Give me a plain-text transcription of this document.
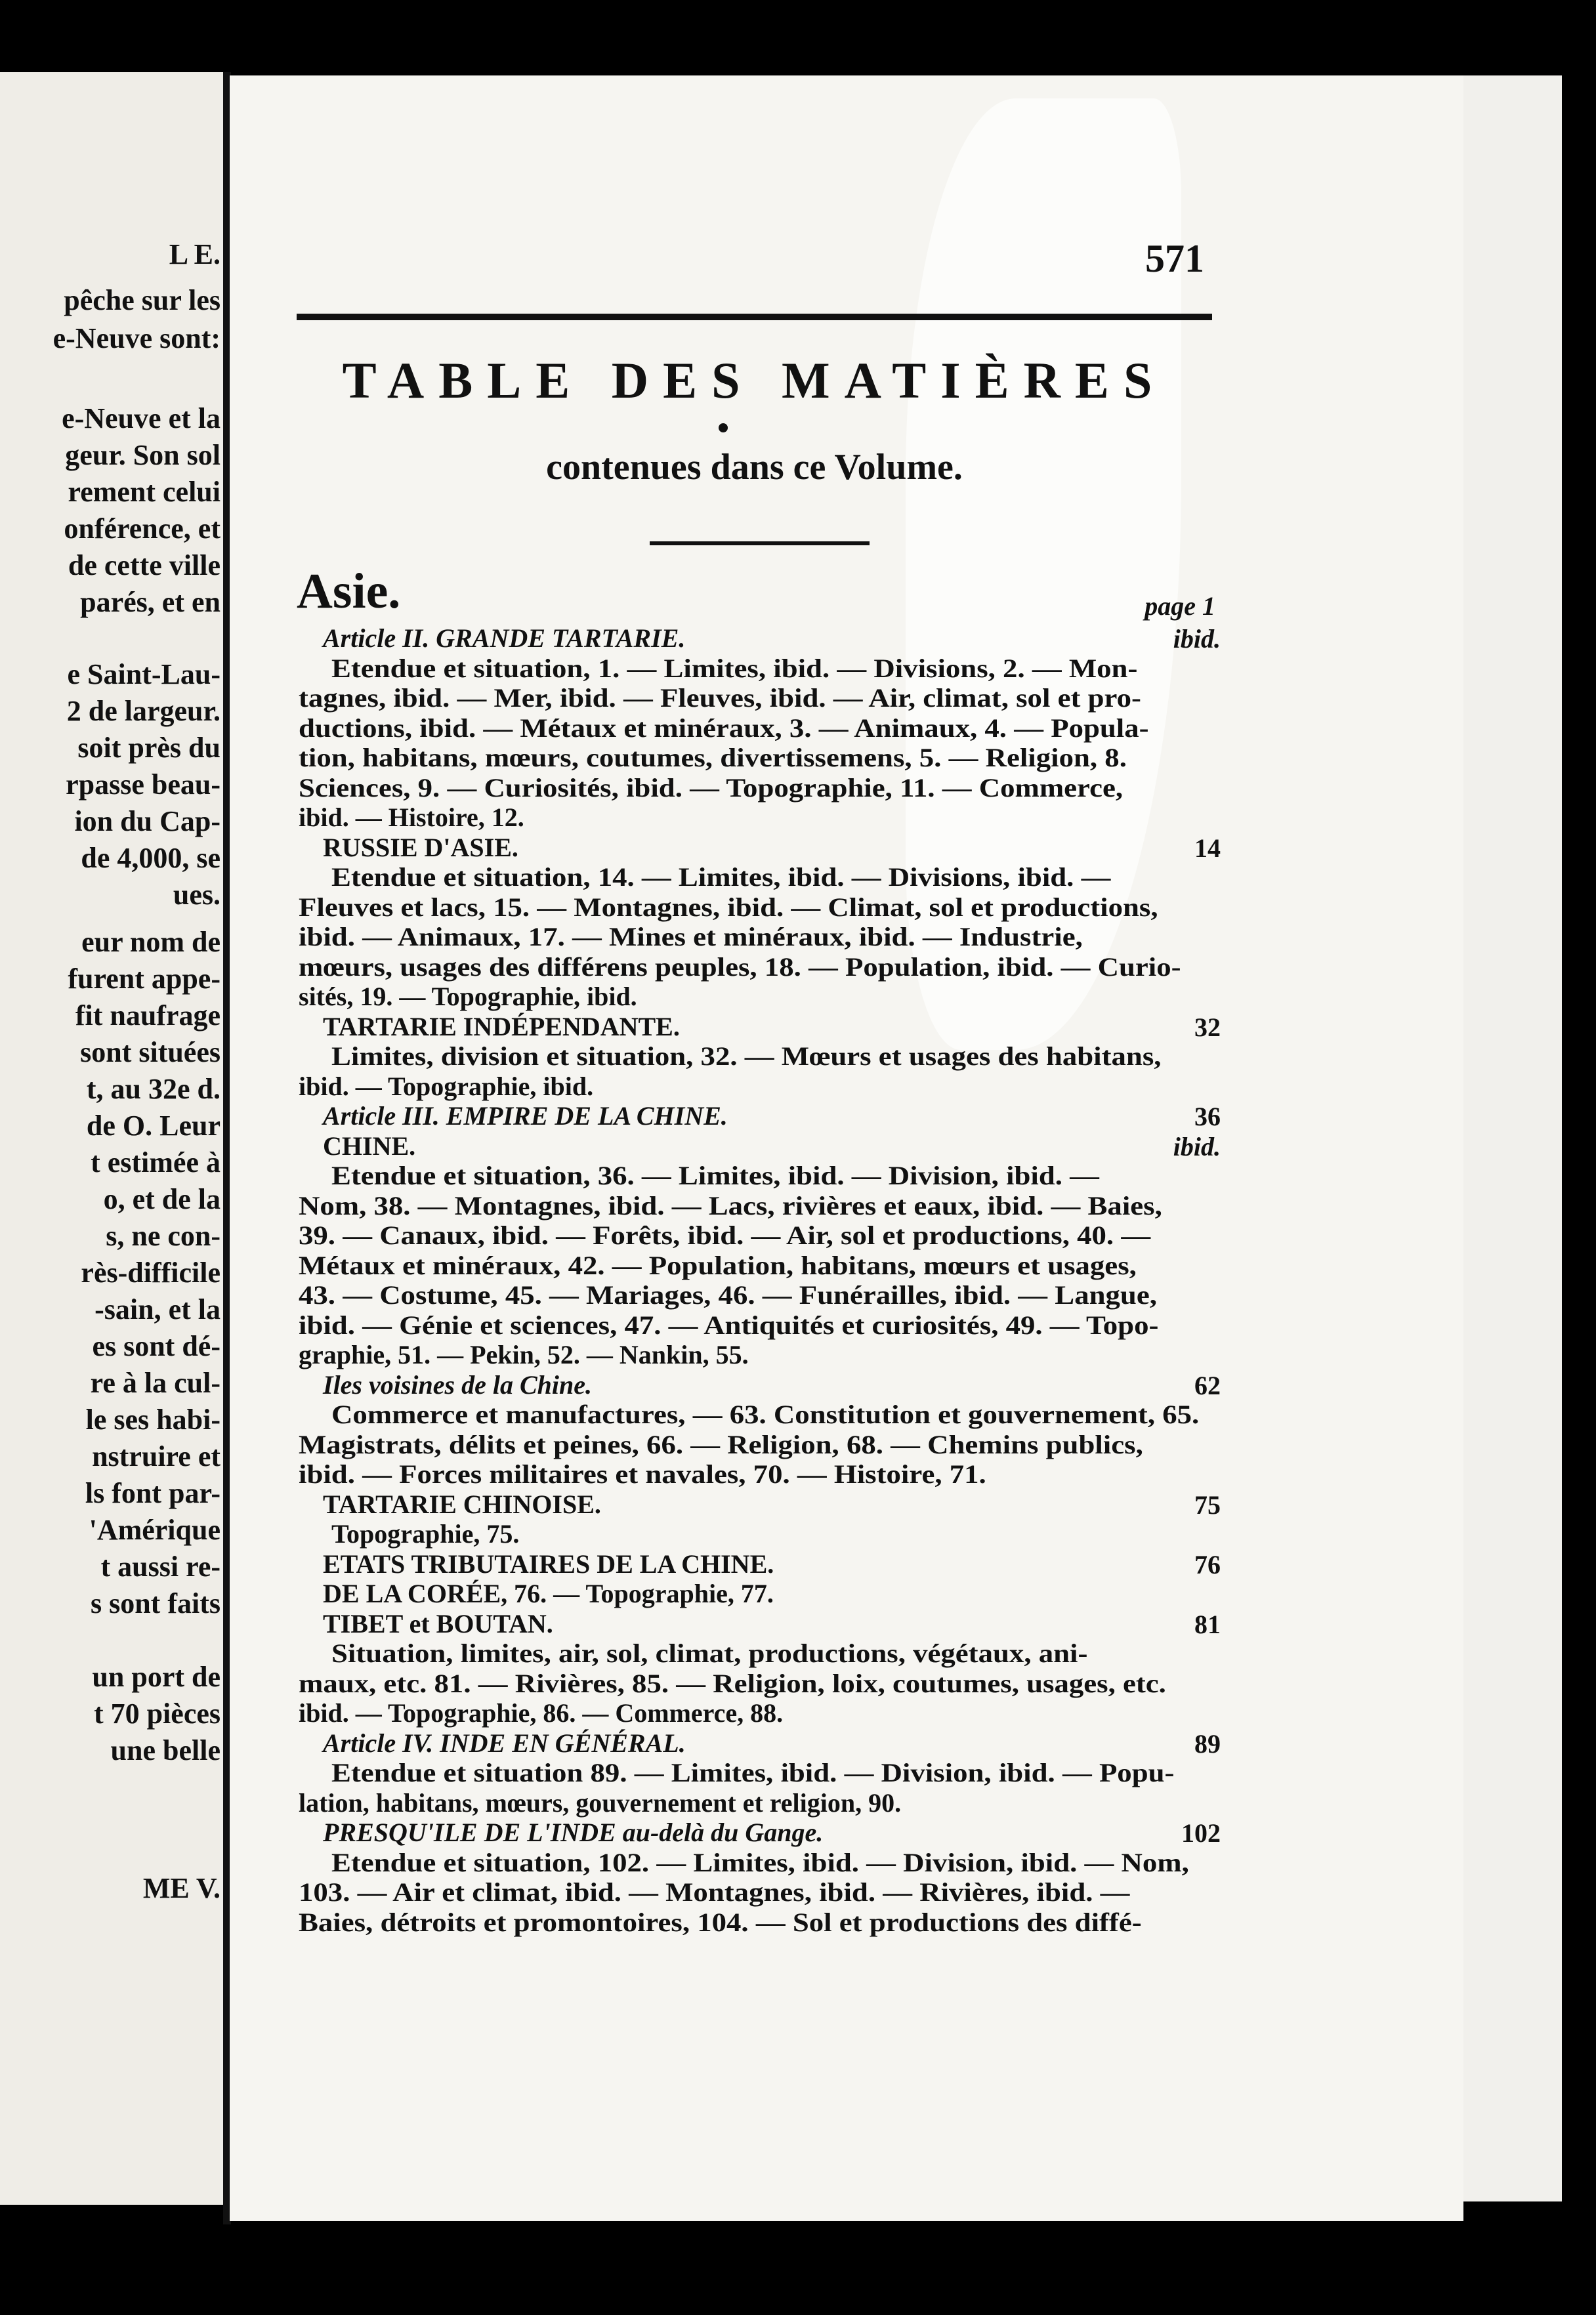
L E.
pêche sur les
e-Neuve sont:
e-Neuve et la
geur. Son sol
rement celui
onférence, et
de cette ville
parés, et en
e Saint-Lau-
2 de largeur.
soit près du
rpasse beau-
ion du Cap-
de 4,000, se
ues.
eur nom de
furent appe-
fit naufrage
sont situées
t, au 32e d.
de O. Leur
t estimée à
o, et de la
s, ne con-
rès-difficile
-sain, et la
es sont dé-
re à la cul-
le ses habi-
nstruire et
ls font par-
'Amérique
t aussi re-
s sont faits
un port de
t 70 pièces
une belle
ME V.
571
TABLE DES MATIÈRES
contenues dans ce Volume.
Asie.	page 1
Article II. GRANDE TARTARIE.	ibid.
Etendue et situation, 1. — Limites, ibid. — Divisions, 2. — Mon-
tagnes, ibid. — Mer, ibid. — Fleuves, ibid. — Air, climat, sol et pro-
ductions, ibid. — Métaux et minéraux, 3. — Animaux, 4. — Popula-
tion, habitans, mœurs, coutumes, divertissemens, 5. — Religion, 8.
Sciences, 9. — Curiosités, ibid. — Topographie, 11. — Commerce,
ibid. — Histoire, 12.
RUSSIE D'ASIE.	14
Etendue et situation, 14. — Limites, ibid. — Divisions, ibid. —
Fleuves et lacs, 15. — Montagnes, ibid. — Climat, sol et productions,
ibid. — Animaux, 17. — Mines et minéraux, ibid. — Industrie,
mœurs, usages des différens peuples, 18. — Population, ibid. — Curio-
sités, 19. — Topographie, ibid.
TARTARIE INDÉPENDANTE.	32
Limites, division et situation, 32. — Mœurs et usages des habitans,
ibid. — Topographie, ibid.
Article III. EMPIRE DE LA CHINE.	36
CHINE.	ibid.
Etendue et situation, 36. — Limites, ibid. — Division, ibid. —
Nom, 38. — Montagnes, ibid. — Lacs, rivières et eaux, ibid. — Baies,
39. — Canaux, ibid. — Forêts, ibid. — Air, sol et productions, 40. —
Métaux et minéraux, 42. — Population, habitans, mœurs et usages,
43. — Costume, 45. — Mariages, 46. — Funérailles, ibid. — Langue,
ibid. — Génie et sciences, 47. — Antiquités et curiosités, 49. — Topo-
graphie, 51. — Pekin, 52. — Nankin, 55.
Iles voisines de la Chine.	62
Commerce et manufactures, — 63. Constitution et gouvernement, 65.
Magistrats, délits et peines, 66. — Religion, 68. — Chemins publics,
ibid. — Forces militaires et navales, 70. — Histoire, 71.
TARTARIE CHINOISE.	75
Topographie, 75.
ETATS TRIBUTAIRES DE LA CHINE.	76
DE LA CORÉE, 76. — Topographie, 77.
TIBET et BOUTAN.	81
Situation, limites, air, sol, climat, productions, végétaux, ani-
maux, etc. 81. — Rivières, 85. — Religion, loix, coutumes, usages, etc.
ibid. — Topographie, 86. — Commerce, 88.
Article IV. INDE EN GÉNÉRAL.	89
Etendue et situation 89. — Limites, ibid. — Division, ibid. — Popu-
lation, habitans, mœurs, gouvernement et religion, 90.
PRESQU'ILE DE L'INDE au-delà du Gange.	102
Etendue et situation, 102. — Limites, ibid. — Division, ibid. — Nom,
103. — Air et climat, ibid. — Montagnes, ibid. — Rivières, ibid. —
Baies, détroits et promontoires, 104. — Sol et productions des diffé-
